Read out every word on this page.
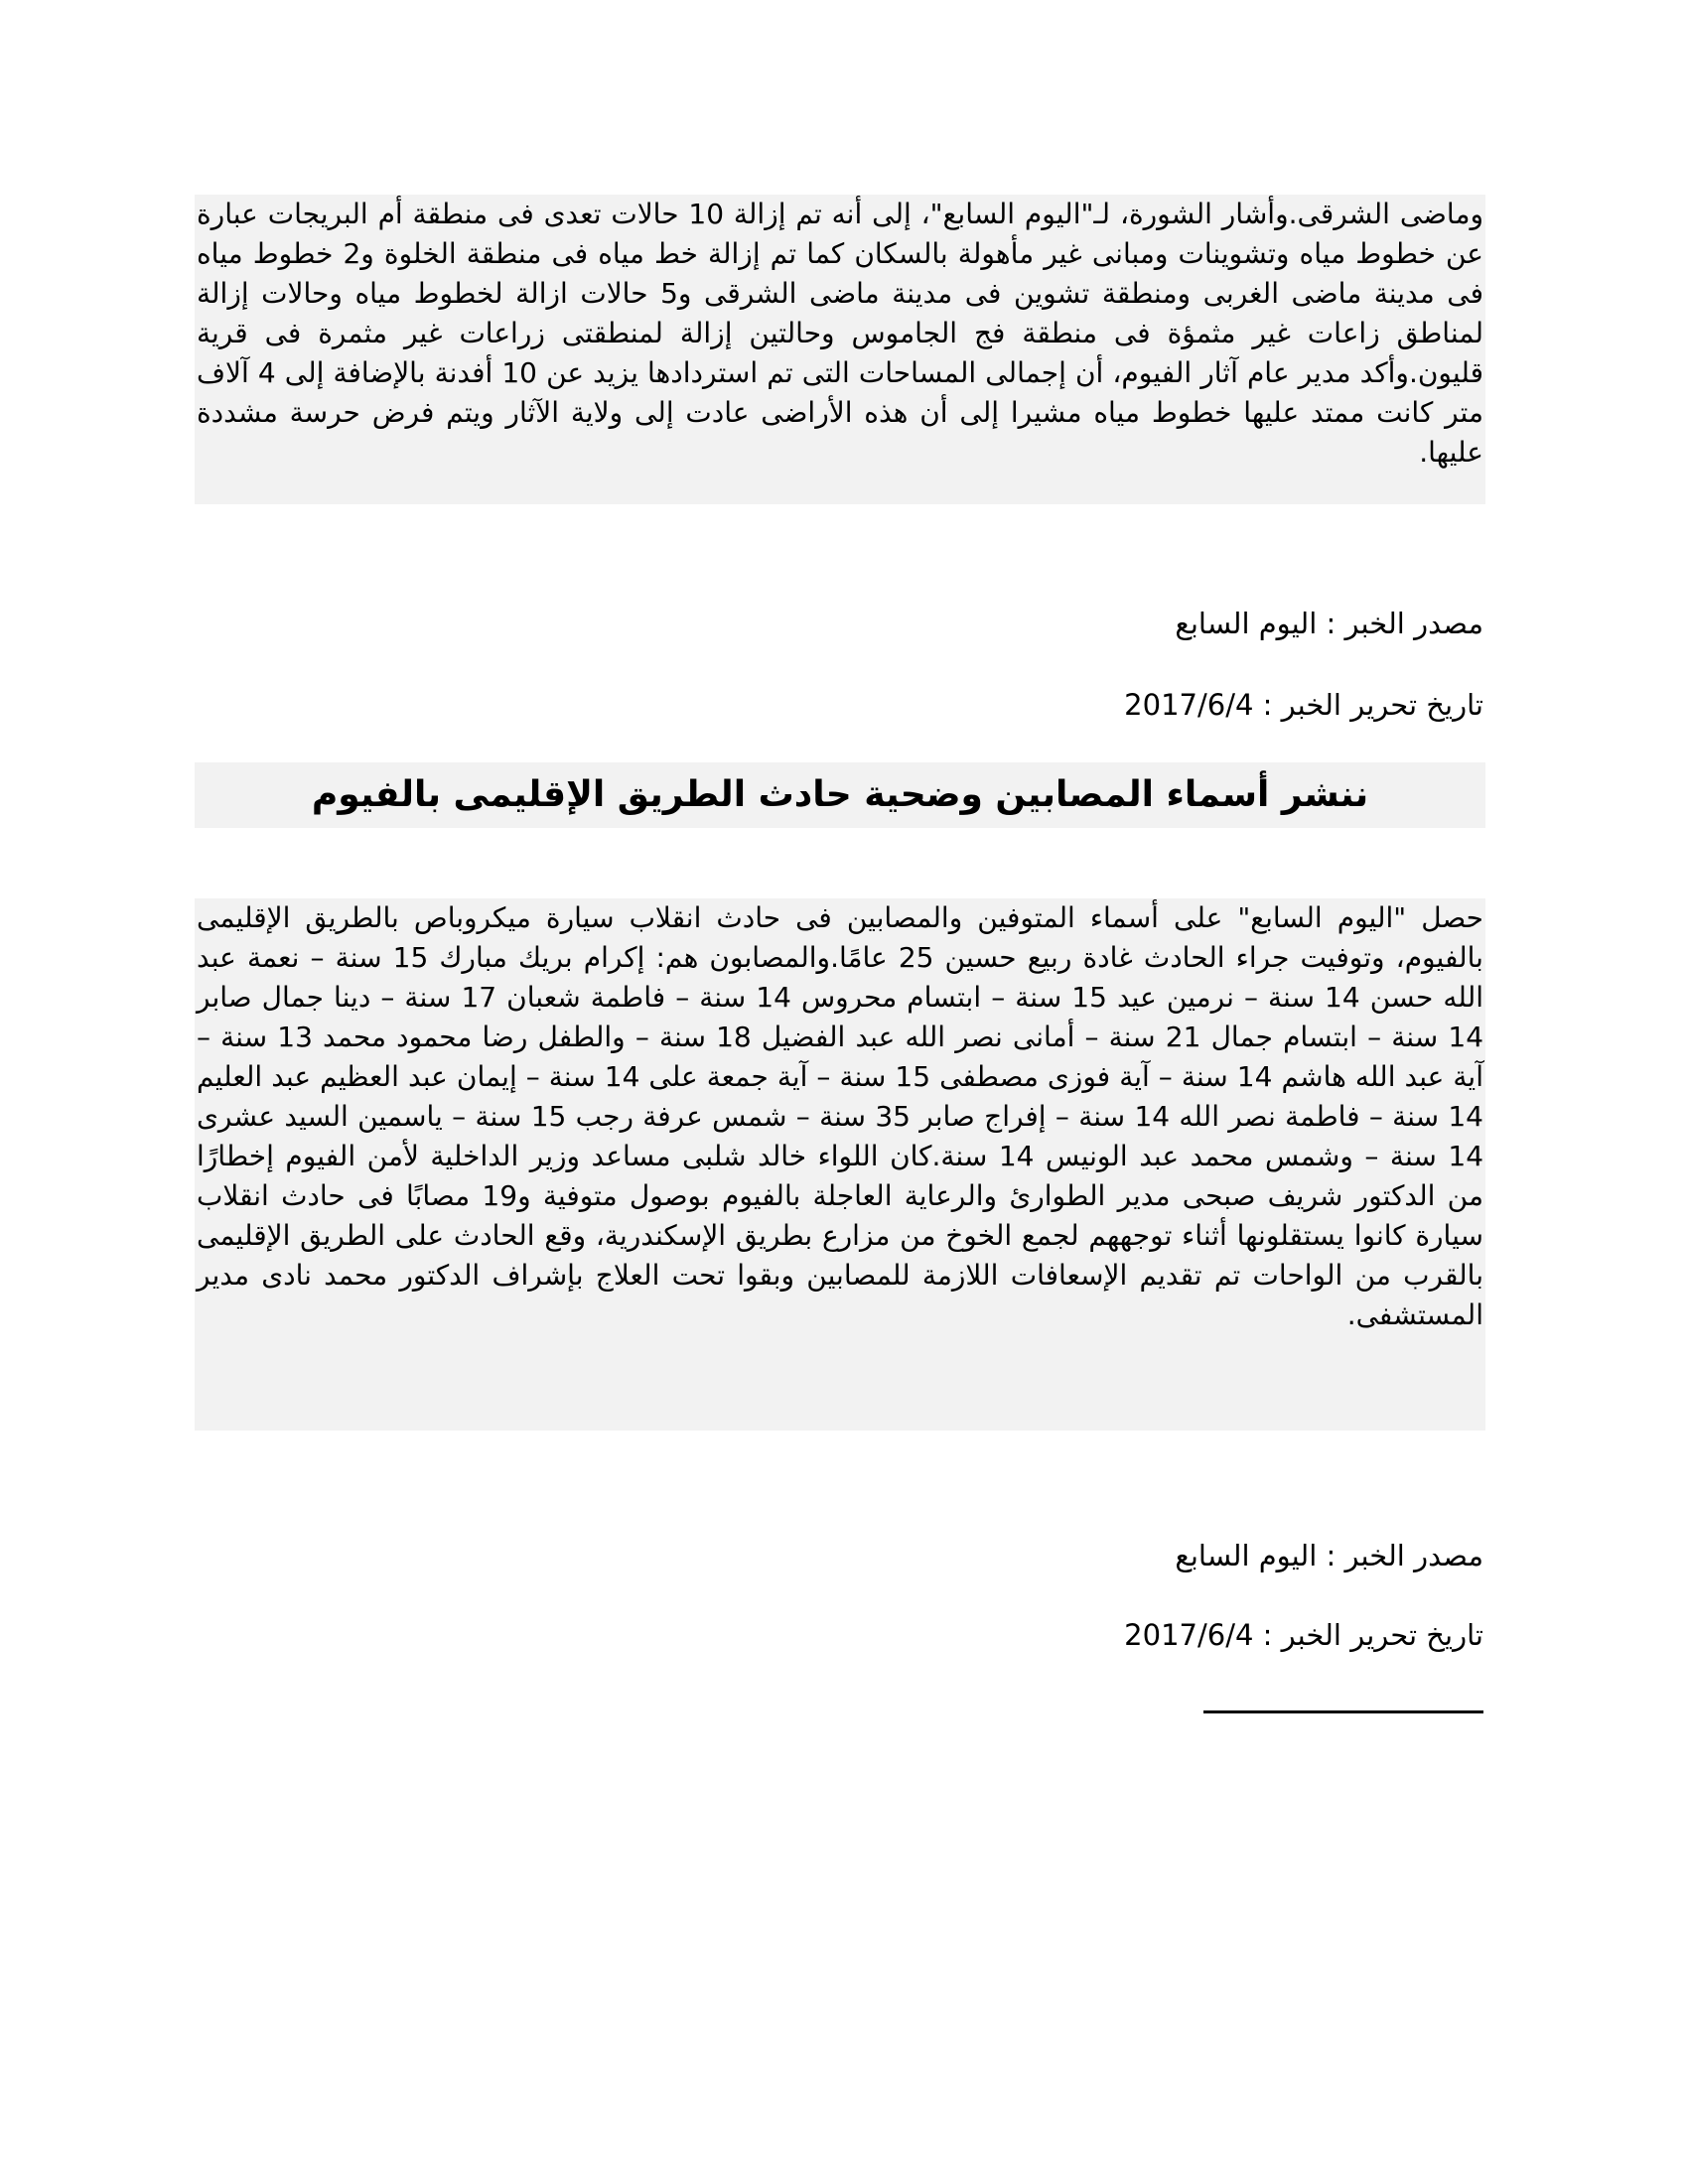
وماضى الشرقى.وأشار الشورة، لـ"اليوم السابع"، إلى أنه تم إزالة 10 حالات تعدى فى منطقة أم البريجات عبارة عن خطوط مياه وتشوينات ومبانى غير مأهولة بالسكان كما تم إزالة خط مياه فى منطقة الخلوة و2 خطوط مياه فى مدينة ماضى الغربى ومنطقة تشوين فى مدينة ماضى الشرقى و5 حالات ازالة لخطوط مياه وحالات إزالة لمناطق زاعات غير مثمؤة فى منطقة فج الجاموس وحالتين إزالة لمنطقتى زراعات غير مثمرة فى قرية قليون.وأكد مدير عام آثار الفيوم، أن إجمالى المساحات التى تم استردادها يزيد عن 10 أفدنة بالإضافة إلى 4 آلاف متر كانت ممتد عليها خطوط مياه مشيرا إلى أن هذه الأراضى عادت إلى ولاية الآثار ويتم فرض حرسة مشددة عليها.
مصدر الخبر : اليوم السابع
تاريخ تحرير الخبر : 2017/6/4
ننشر أسماء المصابين وضحية حادث الطريق الإقليمى بالفيوم
حصل "اليوم السابع" على أسماء المتوفين والمصابين فى حادث انقلاب سيارة ميكروباص بالطريق الإقليمى بالفيوم، وتوفيت جراء الحادث غادة ربيع حسين 25 عامًا.والمصابون هم: إكرام بريك مبارك 15 سنة – نعمة عبد الله حسن 14 سنة – نرمين عيد 15 سنة – ابتسام محروس 14 سنة – فاطمة شعبان 17 سنة – دينا جمال صابر 14 سنة – ابتسام جمال 21 سنة – أمانى نصر الله عبد الفضيل 18 سنة – والطفل رضا محمود محمد 13 سنة – آية عبد الله هاشم 14 سنة – آية فوزى مصطفى 15 سنة – آية جمعة على 14 سنة – إيمان عبد العظيم عبد العليم 14 سنة – فاطمة نصر الله 14 سنة – إفراج صابر 35 سنة – شمس عرفة رجب 15 سنة – ياسمين السيد عشرى 14 سنة – وشمس محمد عبد الونيس 14 سنة.كان اللواء خالد شلبى مساعد وزير الداخلية لأمن الفيوم إخطارًا من الدكتور شريف صبحى مدير الطوارئ والرعاية العاجلة بالفيوم بوصول متوفية و19 مصابًا فى حادث انقلاب سيارة كانوا يستقلونها أثناء توجههم لجمع الخوخ من مزارع بطريق الإسكندرية، وقع الحادث على الطريق الإقليمى بالقرب من الواحات تم تقديم الإسعافات اللازمة للمصابين وبقوا تحت العلاج بإشراف الدكتور محمد نادى مدير المستشفى.
مصدر الخبر : اليوم السابع
تاريخ تحرير الخبر : 2017/6/4
